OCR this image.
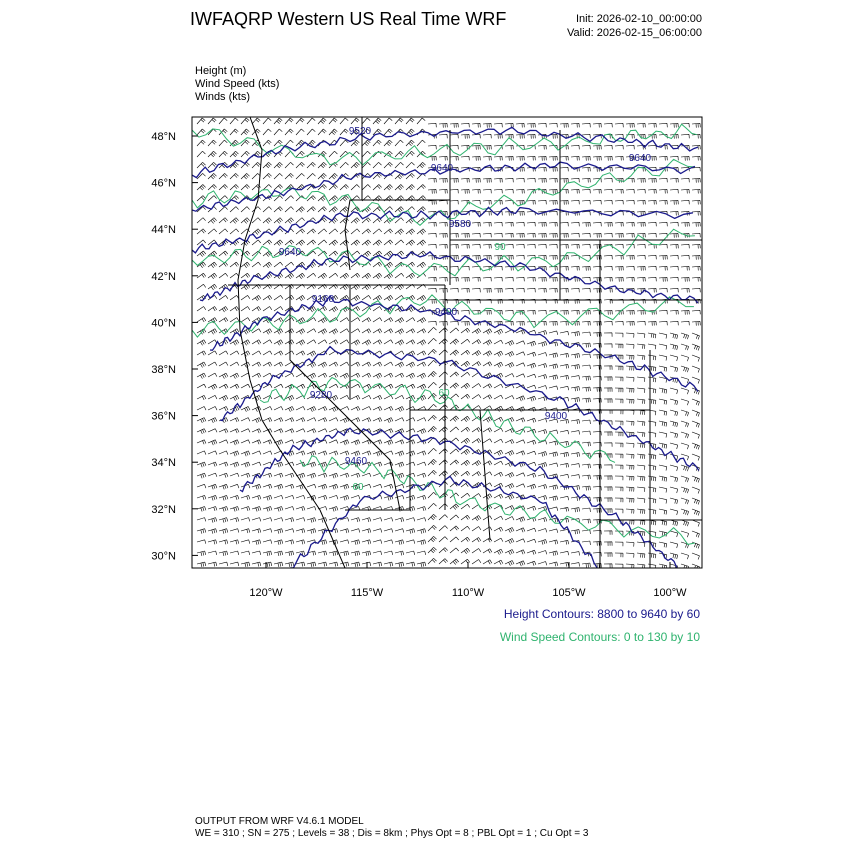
IWFAQRP Western US Real Time WRF	Init: 2026-02-10_00:00:00
Valid: 2026-02-15_06:00:00
Height (m)
Wind Speed (kts)
Winds (kts)
9520
9640
9640
9640
9160
9400
9280
9400
9460
9580
90
60
60
48°N
46°N
44°N
42°N
40°N
38°N
36°N
34°N
32°N
30°N
120°W	115°W	110°W	105°W	100°W
Height Contours: 8800 to 9640 by 60
Wind Speed Contours: 0 to 130 by 10
OUTPUT FROM WRF V4.6.1 MODEL
WE = 310 ; SN = 275 ; Levels = 38 ; Dis = 8km ; Phys Opt = 8 ; PBL Opt = 1 ; Cu Opt = 3
